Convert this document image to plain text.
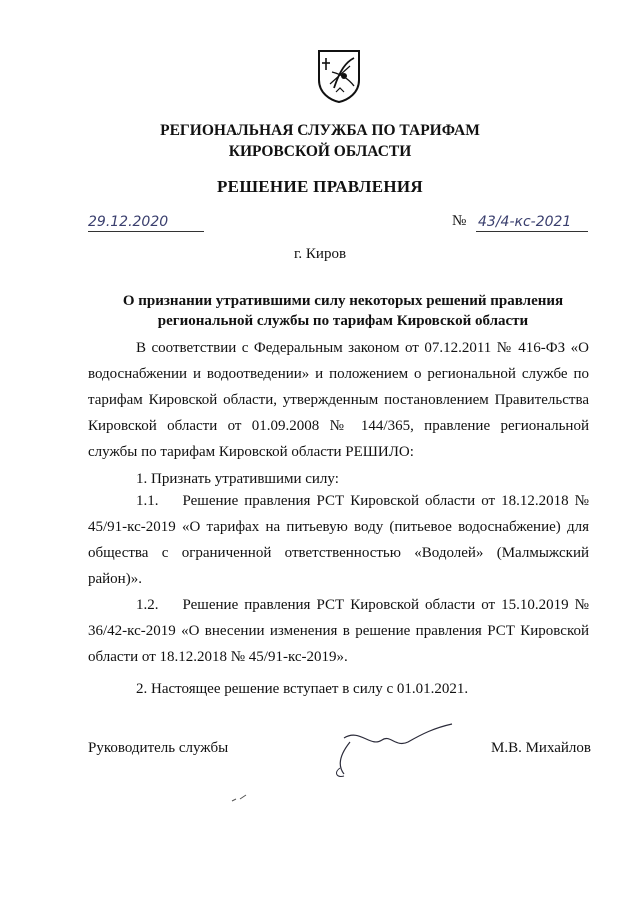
РЕГИОНАЛЬНАЯ СЛУЖБА ПО ТАРИФАМ
КИРОВСКОЙ ОБЛАСТИ
РЕШЕНИЕ ПРАВЛЕНИЯ
29.12.2020	№ 43/4-кс-2021
г. Киров
О признании утратившими силу некоторых решений правления региональной службы по тарифам Кировской области
В соответствии с Федеральным законом от 07.12.2011 № 416-ФЗ «О водоснабжении и водоотведении» и положением о региональной службе по тарифам Кировской области, утвержденным постановлением Правительства Кировской области от 01.09.2008 № 144/365, правление региональной службы по тарифам Кировской области РЕШИЛО:
1. Признать утратившими силу:
1.1. Решение правления РСТ Кировской области от 18.12.2018 № 45/91-кс-2019 «О тарифах на питьевую воду (питьевое водоснабжение) для общества с ограниченной ответственностью «Водолей» (Малмыжский район)».
1.2. Решение правления РСТ Кировской области от 15.10.2019 № 36/42-кс-2019 «О внесении изменения в решение правления РСТ Кировской области от 18.12.2018 № 45/91-кс-2019».
2. Настоящее решение вступает в силу с 01.01.2021.
Руководитель службы	М.В. Михайлов
